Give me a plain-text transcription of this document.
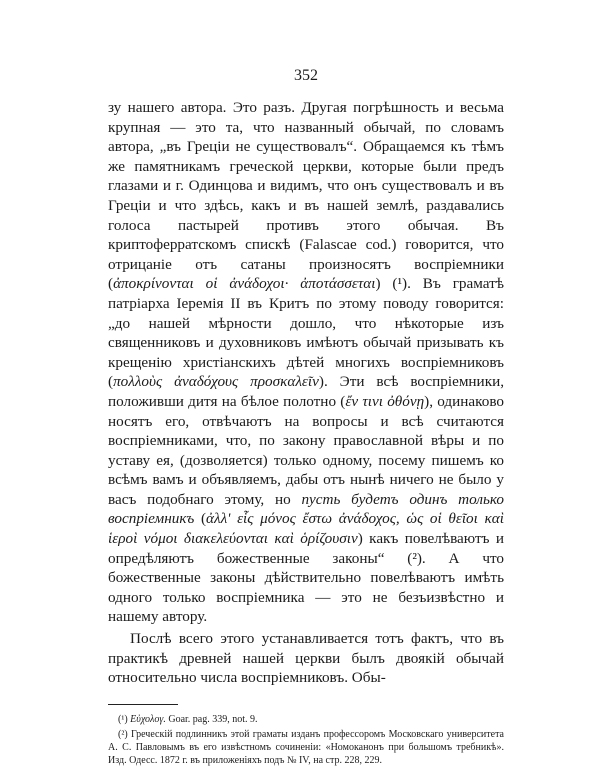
352

зу нашего автора. Это разъ. Другая погрѣшность и весьма крупная — это та, что названный обычай, по словамъ автора, „въ Греціи не существовалъ“. Обращаемся къ тѣмъ же памятникамъ греческой церкви, которые были предъ глазами и г. Одинцова и видимъ, что онъ существовалъ и въ Греціи и что здѣсь, какъ и въ нашей землѣ, раздавались голоса пастырей противъ этого обычая. Въ криптоферратскомъ спискѣ (Falascae cod.) говорится, что отрицаніе отъ сатаны произносятъ воспріемники (ἀποκρίνονται οἱ ἀνάδοχοι· ἀποτάσσεται) (¹). Въ граматѣ патріарха Іеремія II въ Критъ по этому поводу говорится: „до нашей мѣрности дошло, что нѣкоторые изъ священниковъ и духовниковъ имѣютъ обычай призывать къ крещенію христіанскихъ дѣтей многихъ воспріемниковъ (πολλοὺς ἀναδόχους προσκαλεῖν). Эти всѣ воспріемники, положивши дитя на бѣлое полотно (ἔν τινι ὀθόνῃ), одинаково носятъ его, отвѣчаютъ на вопросы и всѣ считаются воспріемниками, что, по закону православной вѣры и по уставу ея, (дозволяется) только одному, посему пишемъ ко всѣмъ вамъ и объявляемъ, дабы отъ нынѣ ничего не было у васъ подобнаго этому, но пусть будетъ одинъ только воспріемникъ (ἀλλ' εἷς μόνος ἔστω ἀνάδοχος, ὡς οἱ θεῖοι καὶ ἱεροὶ νόμοι διακελεύονται καὶ ὁρίζουσιν) какъ повелѣваютъ и опредѣляютъ божественные законы“ (²). А что божественные законы дѣйствительно повелѣваютъ имѣть одного только воспріемника — это не безъизвѣстно и нашему автору.

Послѣ всего этого устанавливается тотъ фактъ, что въ практикѣ древней нашей церкви былъ двоякій обычай относительно числа воспріемниковъ. Обы-

(¹) Εὐχολογ. Goar. pag. 339, not. 9.

(²) Греческій подлинникъ этой граматы изданъ профессоромъ Московскаго университета А. С. Павловымъ въ его извѣстномъ сочиненіи: «Номоканонъ при большомъ требникѣ». Изд. Одесс. 1872 г. въ приложеніяхъ подъ № IV, на стр. 228, 229.
